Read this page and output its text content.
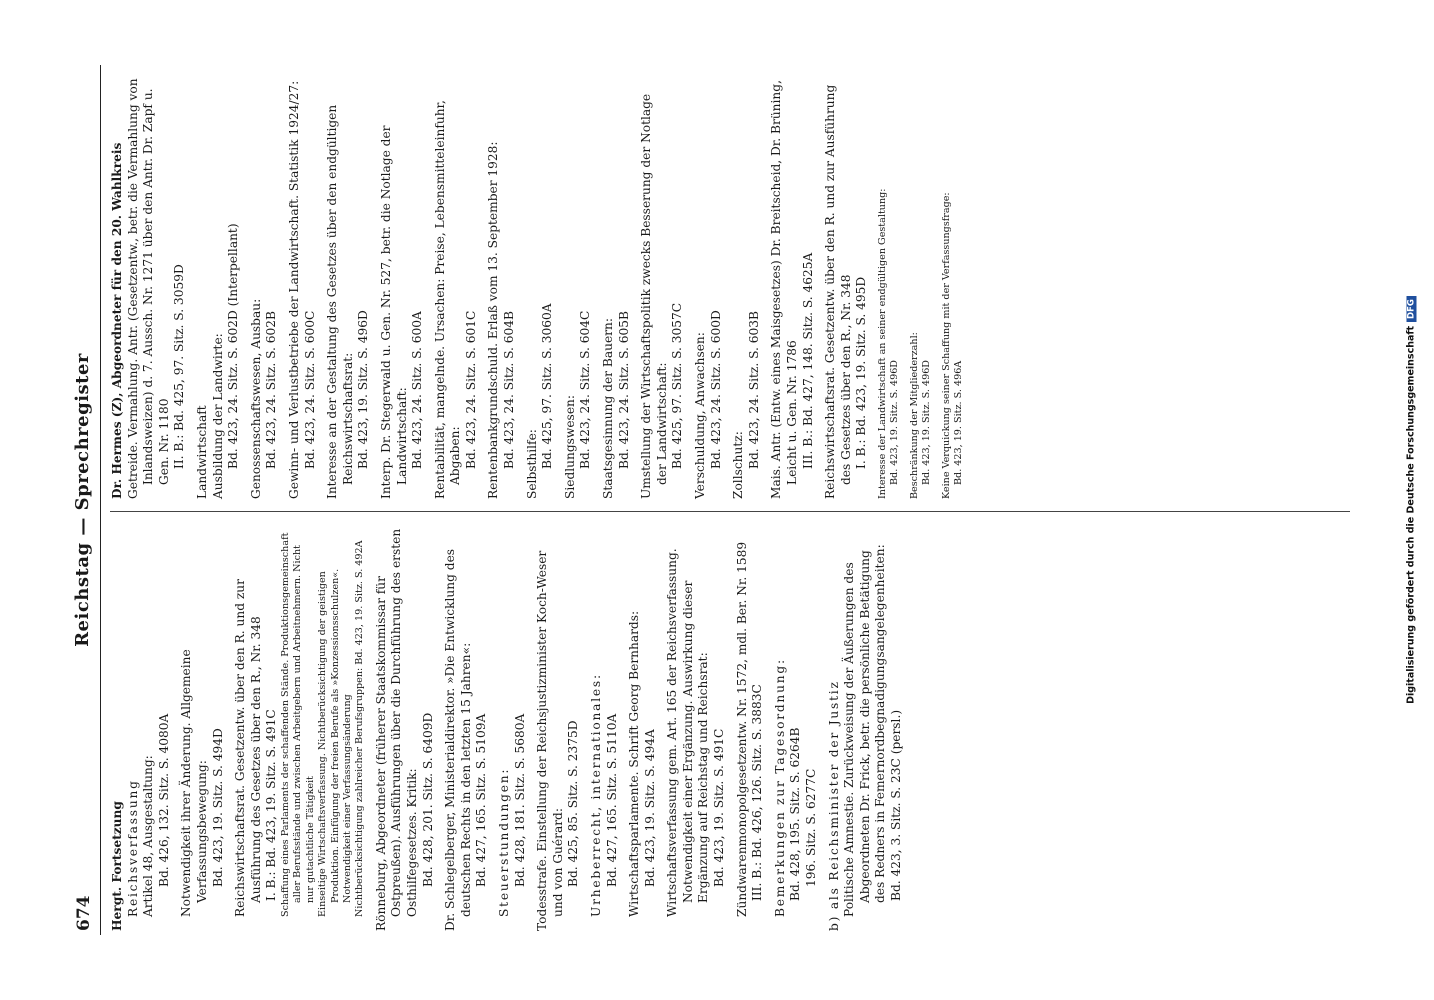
674
Reichstag — Sprechregister

Hergt. Fortsetzung Reichsverfassung Artikel 48, Ausgestaltung: Bd. 426, 132. Sitz. S. 4080A Notwendigkeit ihrer Änderung. Allgemeine Verfassungsbewegung: Bd. 423, 19. Sitz. S. 494D Reichswirtschaftsrat. Gesetzentw. über den R. und zur Ausführung des Gesetzes über den R., Nr. 348 I. B.: Bd. 423, 19. Sitz. S. 491C Schaffung eines Parlaments der schaffenden Stände. Produktionsgemeinschaft aller Berufsstände und zwischen Arbeitgebern und Arbeitnehmern. Nicht nur gutachtliche Tätigkeit Einseitige Wirtschaftsverfassung. Nichtberücksichtigung der geistigen Produktion. Einfügung der freien Berufe als »Konzessionsschulzen«. Notwendigkeit einer Verfassungsänderung Nichtberücksichtigung zahlreicher Berufsgruppen: Bd. 423, 19. Sitz. S. 492A Rönneburg, Abgeordneter (früherer Staatskommissar für Ostpreußen). Ausführungen über die Durchführung des ersten Osthilfegesetzes. Kritik: Bd. 428, 201. Sitz. S. 6409D Dr. Schlegelberger, Ministerialdirektor. »Die Entwicklung des deutschen Rechts in den letzten 15 Jahren«: Bd. 427, 165. Sitz. S. 5109A Steuerstundungen: Bd. 428, 181. Sitz. S. 5680A Todesstrafe. Einstellung der Reichsjustizminister Koch-Weser und von Guérard: Bd. 425, 85. Sitz. S. 2375D Urheberrecht, internationales: Bd. 427, 165. Sitz. S. 5110A Wirtschaftsparlamente. Schrift Georg Bernhards: Bd. 423, 19. Sitz. S. 494A Wirtschaftsverfassung gem. Art. 165 der Reichsverfassung. Notwendigkeit einer Ergänzung. Auswirkung dieser Ergänzung auf Reichstag und Reichsrat: Bd. 423, 19. Sitz. S. 491C Zündwarenmonopolgesetzentw. Nr. 1572, mdl. Ber. Nr. 1589 III. B.: Bd. 426, 126. Sitz. S. 3883C Bemerkungen zur Tagesordnung: Bd. 428, 195. Sitz. S. 6264B 196. Sitz. S. 6277C b) als Reichsminister der Justiz Politische Amnestie. Zurückweisung der Äußerungen des Abgeordneten Dr. Frick, betr. die persönliche Betätigung des Redners in Femernordbegnadigungsangelegenheiten: Bd. 423, 3. Sitz. S. 23C (persl.)

Dr. Hermes (Z), Abgeordneter für den 20. Wahlkreis Getreide. Vermahlung. Antr. (Gesetzentw., betr. die Vermahlung von Inlandsweizen) d. 7. Aussch. Nr. 1271 über den Antr. Dr. Zapf u. Gen. Nr. 1180 II. B.: Bd. 425, 97. Sitz. S. 3059D Landwirtschaft Ausbildung der Landwirte: Bd. 423, 24. Sitz. S. 602D (Interpellant) Genossenschaftswesen, Ausbau: Bd. 423, 24. Sitz. S. 602B Gewinn- und Verlustbetriebe der Landwirtschaft. Statistik 1924/27: Bd. 423, 24. Sitz. S. 600C Interesse an der Gestaltung des Gesetzes über den endgültigen Reichswirtschaftsrat: Bd. 423, 19. Sitz. S. 496D Interp. Dr. Stegerwald u. Gen. Nr. 527, betr. die Notlage der Landwirtschaft: Bd. 423, 24. Sitz. S. 600A Rentabilität, mangelnde. Ursachen: Preise, Lebensmitteleinfuhr, Abgaben: Bd. 423, 24. Sitz. S. 601C Rentenbankgrundschuld. Erlaß vom 13. September 1928: Bd. 423, 24. Sitz. S. 604B Selbsthilfe: Bd. 425, 97. Sitz. S. 3060A Siedlungswesen: Bd. 423, 24. Sitz. S. 604C Staatsgesinnung der Bauern: Bd. 423, 24. Sitz. S. 605B Umstellung der Wirtschaftspolitik zwecks Besserung der Notlage der Landwirtschaft: Bd. 425, 97. Sitz. S. 3057C Verschuldung, Anwachsen: Bd. 423, 24. Sitz. S. 600D Zollschutz: Bd. 423, 24. Sitz. S. 603B Mais. Antr. (Entw. eines Maisgesetzes) Dr. Breitscheid, Dr. Brüning, Leicht u. Gen. Nr. 1786 III. B.: Bd. 427, 148. Sitz. S. 4625A Reichswirtschaftsrat. Gesetzentw. über den R. und zur Ausführung des Gesetzes über den R., Nr. 348 I. B.: Bd. 423, 19. Sitz. S. 495D Interesse der Landwirtschaft an seiner endgültigen Gestaltung: Bd. 423, 19. Sitz. S. 496D Beschränkung der Mitgliederzahl: Bd. 423, 19. Sitz. S. 496D Keine Verquickung seiner Schaffung mit der Verfassungsfrage: Bd. 423, 19. Sitz. S. 496A	Digitalisierung gefördert durch die Deutsche ForschungsgemeinschaftDFG
